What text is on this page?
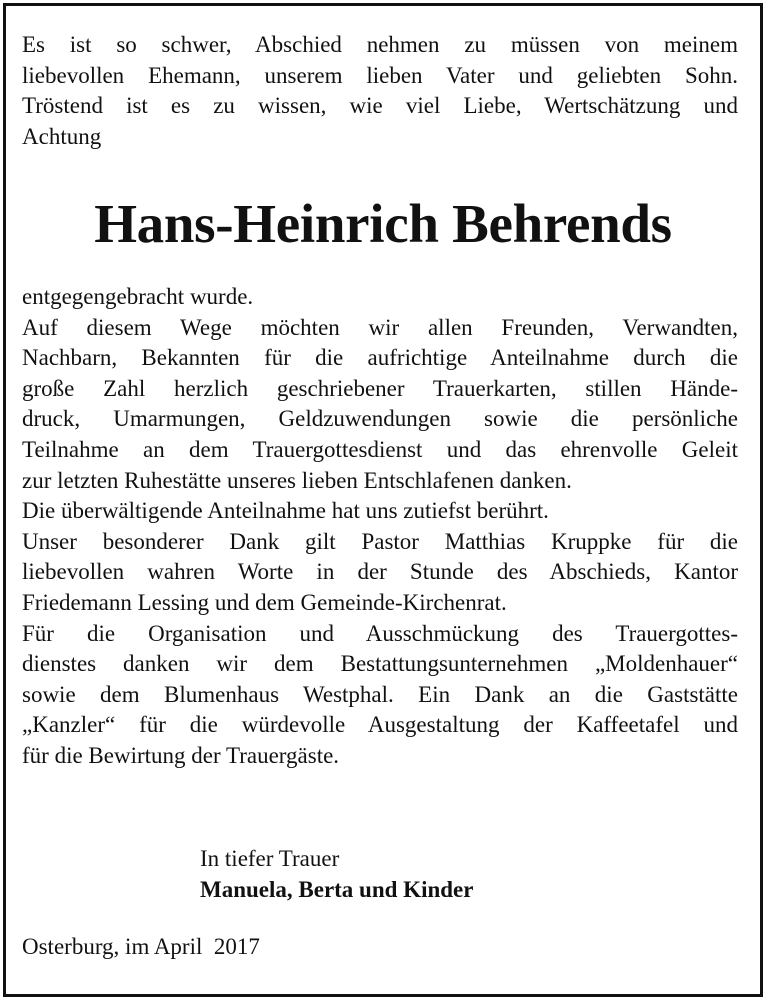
Es ist so schwer, Abschied nehmen zu müssen von meinem
liebevollen Ehemann, unserem lieben Vater und geliebten Sohn.
Tröstend ist es zu wissen, wie viel Liebe, Wertschätzung und
Achtung

Hans-Heinrich Behrends

entgegengebracht wurde.
Auf diesem Wege möchten wir allen Freunden, Verwandten,
Nachbarn, Bekannten für die aufrichtige Anteilnahme durch die
große Zahl herzlich geschriebener Trauerkarten, stillen Hände-
druck, Umarmungen, Geldzuwendungen sowie die persönliche
Teilnahme an dem Trauergottesdienst und das ehrenvolle Geleit
zur letzten Ruhestätte unseres lieben Entschlafenen danken.
Die überwältigende Anteilnahme hat uns zutiefst berührt.
Unser besonderer Dank gilt Pastor Matthias Kruppke für die
liebevollen wahren Worte in der Stunde des Abschieds, Kantor
Friedemann Lessing und dem Gemeinde-Kirchenrat.
Für die Organisation und Ausschmückung des Trauergottes-
dienstes danken wir dem Bestattungsunternehmen „Moldenhauer“
sowie dem Blumenhaus Westphal. Ein Dank an die Gaststätte
„Kanzler“ für die würdevolle Ausgestaltung der Kaffeetafel und
für die Bewirtung der Trauergäste.

In tiefer Trauer
Manuela, Berta und Kinder
Osterburg, im April  2017
